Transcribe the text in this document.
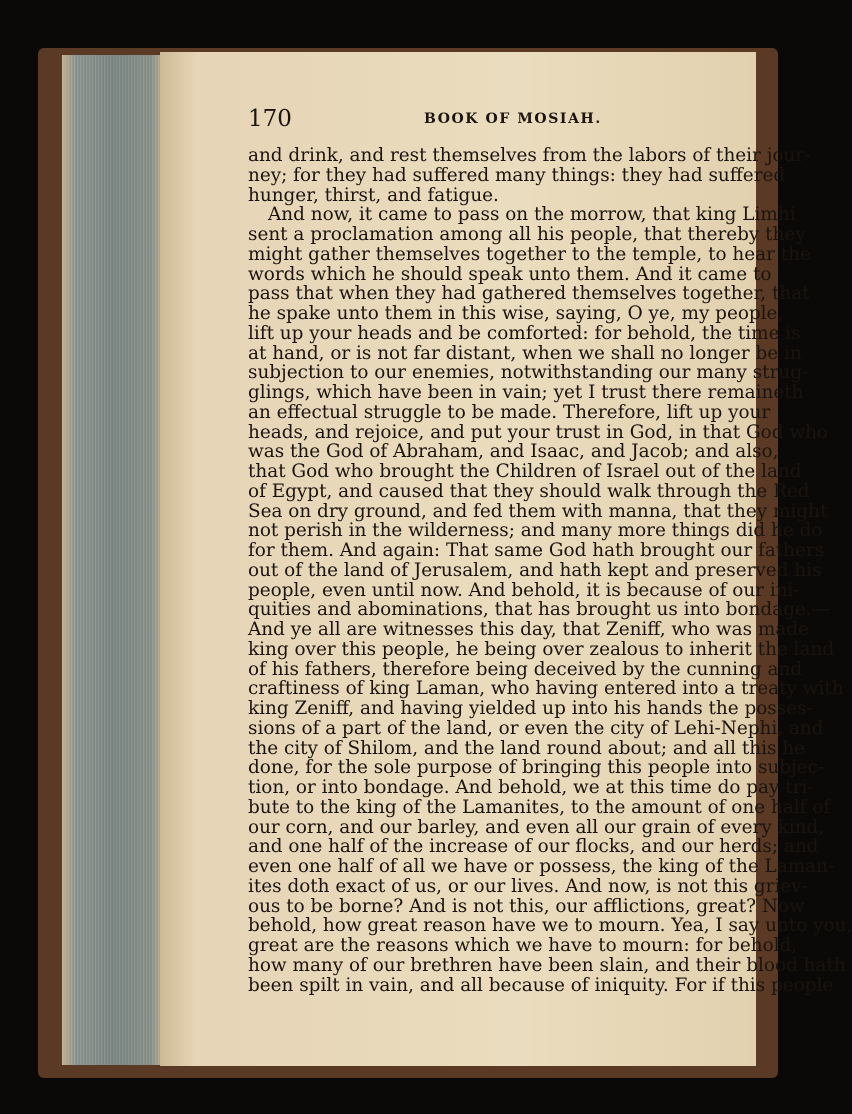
170	BOOK OF MOSIAH.
and drink, and rest themselves from the labors of their jour-
ney; for they had suffered many things: they had suffered
hunger, thirst, and fatigue.
And now, it came to pass on the morrow, that king Limhi
sent a proclamation among all his people, that thereby they
might gather themselves together to the temple, to hear the
words which he should speak unto them. And it came to
pass that when they had gathered themselves together, that
he spake unto them in this wise, saying, O ye, my people,
lift up your heads and be comforted: for behold, the time is
at hand, or is not far distant, when we shall no longer be in
subjection to our enemies, notwithstanding our many strug-
glings, which have been in vain; yet I trust there remaineth
an effectual struggle to be made. Therefore, lift up your
heads, and rejoice, and put your trust in God, in that God who
was the God of Abraham, and Isaac, and Jacob; and also,
that God who brought the Children of Israel out of the land
of Egypt, and caused that they should walk through the Red
Sea on dry ground, and fed them with manna, that they might
not perish in the wilderness; and many more things did he do
for them. And again: That same God hath brought our fathers
out of the land of Jerusalem, and hath kept and preserved his
people, even until now. And behold, it is because of our ini-
quities and abominations, that has brought us into bondage.—
And ye all are witnesses this day, that Zeniff, who was made
king over this people, he being over zealous to inherit the land
of his fathers, therefore being deceived by the cunning and
craftiness of king Laman, who having entered into a treaty with
king Zeniff, and having yielded up into his hands the posses-
sions of a part of the land, or even the city of Lehi-Nephi, and
the city of Shilom, and the land round about; and all this he
done, for the sole purpose of bringing this people into subjec-
tion, or into bondage. And behold, we at this time do pay tri-
bute to the king of the Lamanites, to the amount of one half of
our corn, and our barley, and even all our grain of every kind,
and one half of the increase of our flocks, and our herds; and
even one half of all we have or possess, the king of the Laman-
ites doth exact of us, or our lives. And now, is not this griev-
ous to be borne? And is not this, our afflictions, great? Now
behold, how great reason have we to mourn. Yea, I say unto you,
great are the reasons which we have to mourn: for behold,
how many of our brethren have been slain, and their blood hath
been spilt in vain, and all because of iniquity. For if this people
